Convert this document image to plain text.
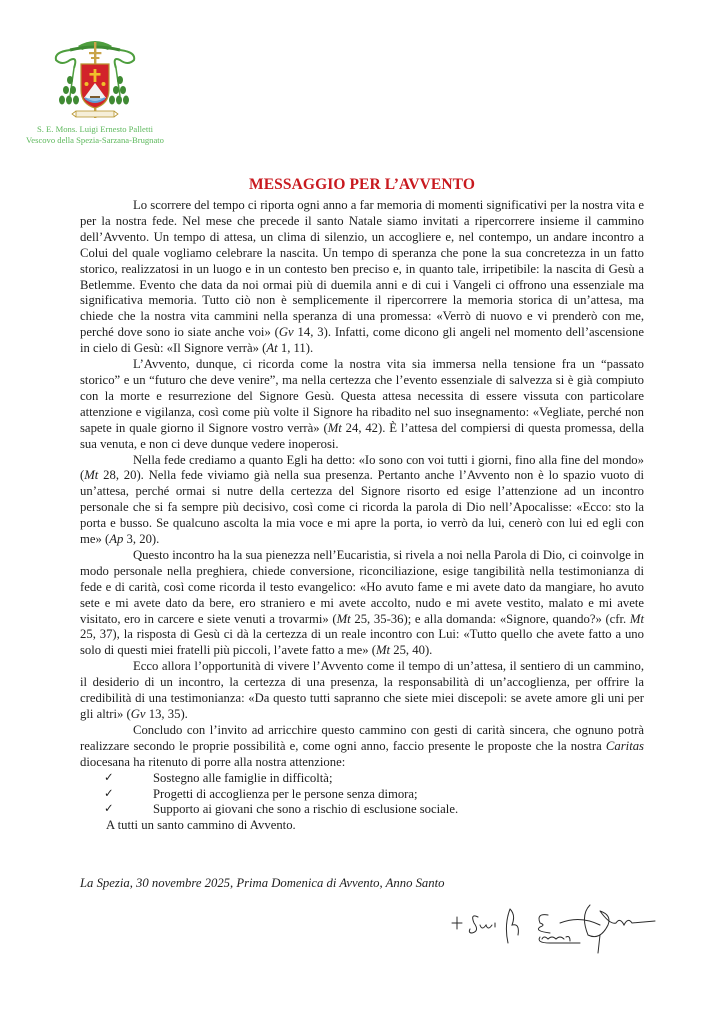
S. E. Mons. Luigi Ernesto Palletti
Vescovo della Spezia-Sarzana-Brugnato
MESSAGGIO PER L’AVVENTO

Lo scorrere del tempo ci riporta ogni anno a far memoria di momenti significativi per la nostra vita e per la nostra fede. Nel mese che precede il santo Natale siamo invitati a ripercorrere insieme il cammino dell’Avvento. Un tempo di attesa, un clima di silenzio, un accogliere e, nel contempo, un andare incontro a Colui del quale vogliamo celebrare la nascita. Un tempo di speranza che pone la sua concretezza in un fatto storico, realizzatosi in un luogo e in un contesto ben preciso e, in quanto tale, irripetibile: la nascita di Gesù a Betlemme. Evento che data da noi ormai più di duemila anni e di cui i Vangeli ci offrono una essenziale ma significativa memoria. Tutto ciò non è semplicemente il ripercorrere la memoria storica di un’attesa, ma chiede che la nostra vita cammini nella speranza di una promessa: «Verrò di nuovo e vi prenderò con me, perché dove sono io siate anche voi» (Gv 14, 3). Infatti, come dicono gli angeli nel momento dell’ascensione in cielo di Gesù: «Il Signore verrà» (At 1, 11).

L’Avvento, dunque, ci ricorda come la nostra vita sia immersa nella tensione fra un “passato storico” e un “futuro che deve venire”, ma nella certezza che l’evento essenziale di salvezza si è già compiuto con la morte e resurrezione del Signore Gesù. Questa attesa necessita di essere vissuta con particolare attenzione e vigilanza, così come più volte il Signore ha ribadito nel suo insegnamento: «Vegliate, perché non sapete in quale giorno il Signore vostro verrà» (Mt 24, 42). È l’attesa del compiersi di questa promessa, della sua venuta, e non ci deve dunque vedere inoperosi.

Nella fede crediamo a quanto Egli ha detto: «Io sono con voi tutti i giorni, fino alla fine del mondo» (Mt 28, 20). Nella fede viviamo già nella sua presenza. Pertanto anche l’Avvento non è lo spazio vuoto di un’attesa, perché ormai si nutre della certezza del Signore risorto ed esige l’attenzione ad un incontro personale che si fa sempre più decisivo, così come ci ricorda la parola di Dio nell’Apocalisse: «Ecco: sto la porta e busso. Se qualcuno ascolta la mia voce e mi apre la porta, io verrò da lui, cenerò con lui ed egli con me» (Ap 3, 20).

Questo incontro ha la sua pienezza nell’Eucaristia, si rivela a noi nella Parola di Dio, ci coinvolge in modo personale nella preghiera, chiede conversione, riconciliazione, esige tangibilità nella testimonianza di fede e di carità, così come ricorda il testo evangelico: «Ho avuto fame e mi avete dato da mangiare, ho avuto sete e mi avete dato da bere, ero straniero e mi avete accolto, nudo e mi avete vestito, malato e mi avete visitato, ero in carcere e siete venuti a trovarmi» (Mt 25, 35-36); e alla domanda: «Signore, quando?» (cfr. Mt 25, 37), la risposta di Gesù ci dà la certezza di un reale incontro con Lui: «Tutto quello che avete fatto a uno solo di questi miei fratelli più piccoli, l’avete fatto a me» (Mt 25, 40).

Ecco allora l’opportunità di vivere l’Avvento come il tempo di un’attesa, il sentiero di un cammino, il desiderio di un incontro, la certezza di una presenza, la responsabilità di un’accoglienza, per offrire la credibilità di una testimonianza: «Da questo tutti sapranno che siete miei discepoli: se avete amore gli uni per gli altri» (Gv 13, 35).

Concludo con l’invito ad arricchire questo cammino con gesti di carità sincera, che ognuno potrà realizzare secondo le proprie possibilità e, come ogni anno, faccio presente le proposte che la nostra Caritas diocesana ha ritenuto di porre alla nostra attenzione:

✓	Sostegno alle famiglie in difficoltà;
✓	Progetti di accoglienza per le persone senza dimora;
✓	Supporto ai giovani che sono a rischio di esclusione sociale.

A tutti un santo cammino di Avvento.

La Spezia, 30 novembre 2025, Prima Domenica di Avvento, Anno Santo
